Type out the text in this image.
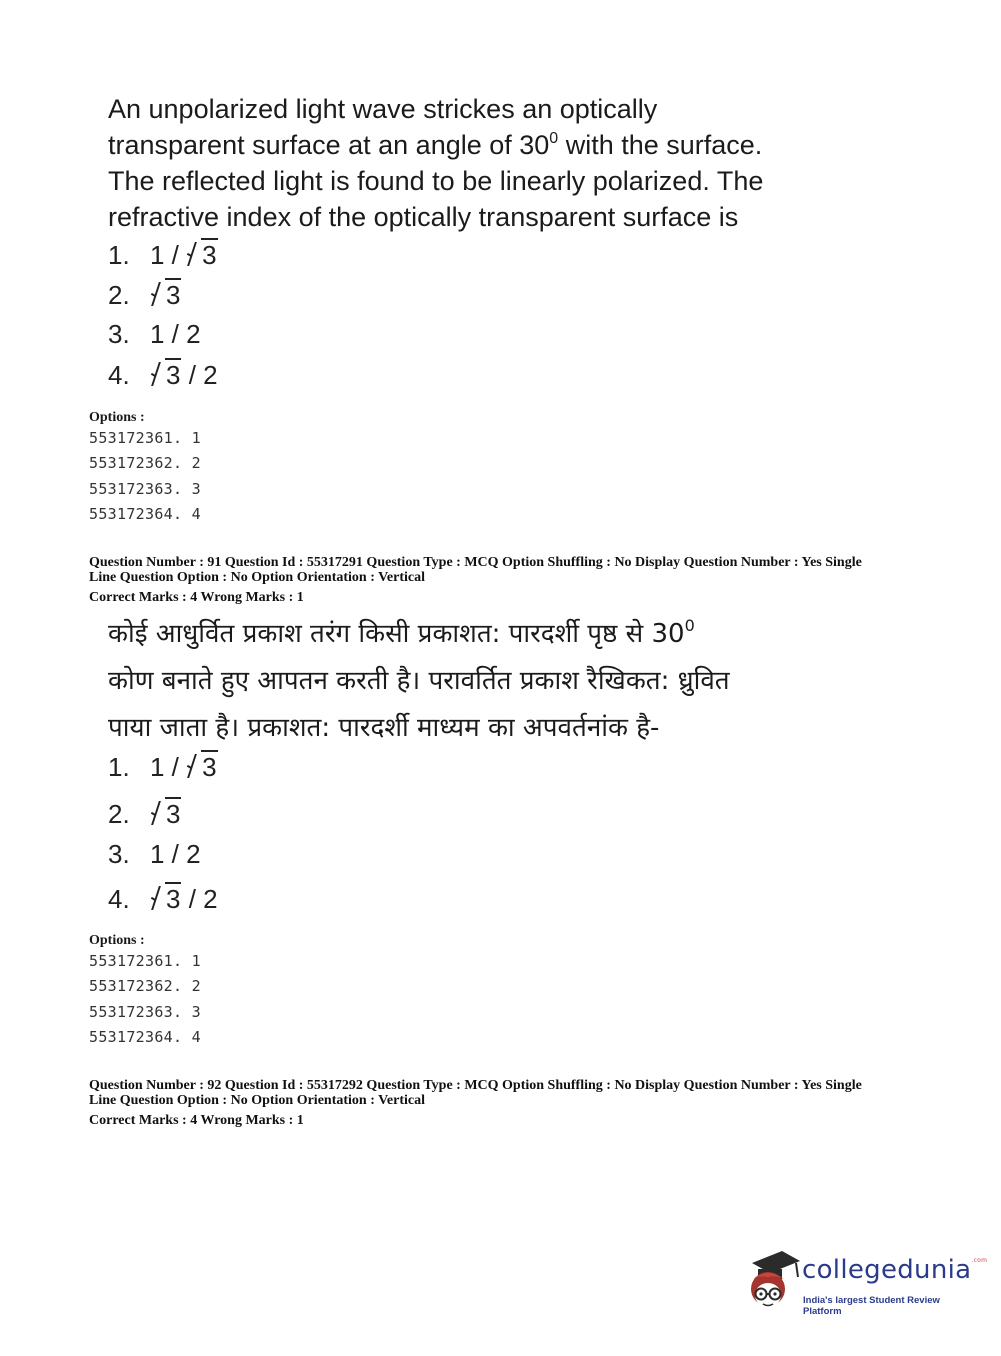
An unpolarized light wave strickes an optically
transparent surface at an angle of $30^0$ with the surface.
The reflected light is found to be linearly polarized. The
refractive index of the optically transparent surface is
1. 1 / 3
2. 3
3. 1 / 2
4. 3 / 2
Options :
553172361. 1
553172362. 2
553172363. 3
553172364. 4
Question Number : 91 Question Id : 55317291 Question Type : MCQ Option Shuffling : No Display Question Number : Yes Single
Line Question Option : No Option Orientation : Vertical
Correct Marks : 4 Wrong Marks : 1
कोई आधुर्वित प्रकाश तरंग किसी प्रकाशत: पारदर्शी पृष्ठ से $30^0$
कोण बनाते हुए आपतन करती है। परावर्तित प्रकाश रैखिकत: ध्रुवित
पाया जाता है। प्रकाशत: पारदर्शी माध्यम का अपवर्तनांक है-
1. 1 / 3
2. 3
3. 1 / 2
4. 3 / 2
Options :
553172361. 1
553172362. 2
553172363. 3
553172364. 4
Question Number : 92 Question Id : 55317292 Question Type : MCQ Option Shuffling : No Display Question Number : Yes Single
Line Question Option : No Option Orientation : Vertical
Correct Marks : 4 Wrong Marks : 1
collegedunia$^{.com}$
India's largest Student Review Platform
